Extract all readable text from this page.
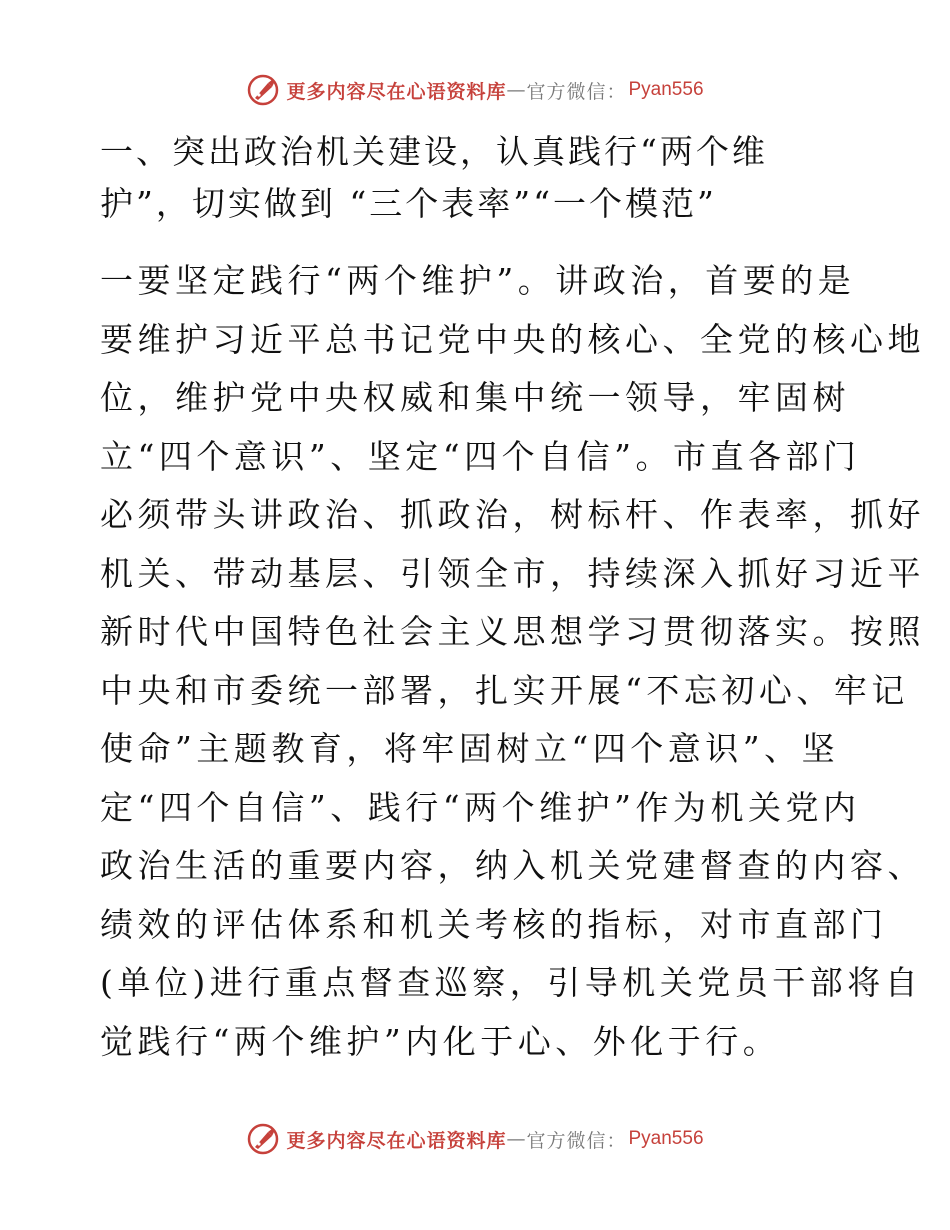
更多内容尽在心语资料库 — 官方微信： Pyan556
一、突出政治机关建设，认真践行“两个维
护”，切实做到 “三个表率”“一个模范”
一要坚定践行“两个维护”。讲政治，首要的是
要维护习近平总书记党中央的核心、全党的核心地
位，维护党中央权威和集中统一领导，牢固树
立“四个意识”、坚定“四个自信”。市直各部门
必须带头讲政治、抓政治，树标杆、作表率，抓好
机关、带动基层、引领全市，持续深入抓好习近平
新时代中国特色社会主义思想学习贯彻落实。按照
中央和市委统一部署，扎实开展“不忘初心、牢记
使命”主题教育，将牢固树立“四个意识”、坚
定“四个自信”、践行“两个维护”作为机关党内
政治生活的重要内容，纳入机关党建督查的内容、
绩效的评估体系和机关考核的指标，对市直部门
(单位)进行重点督查巡察，引导机关党员干部将自
觉践行“两个维护”内化于心、外化于行。
更多内容尽在心语资料库 — 官方微信： Pyan556
